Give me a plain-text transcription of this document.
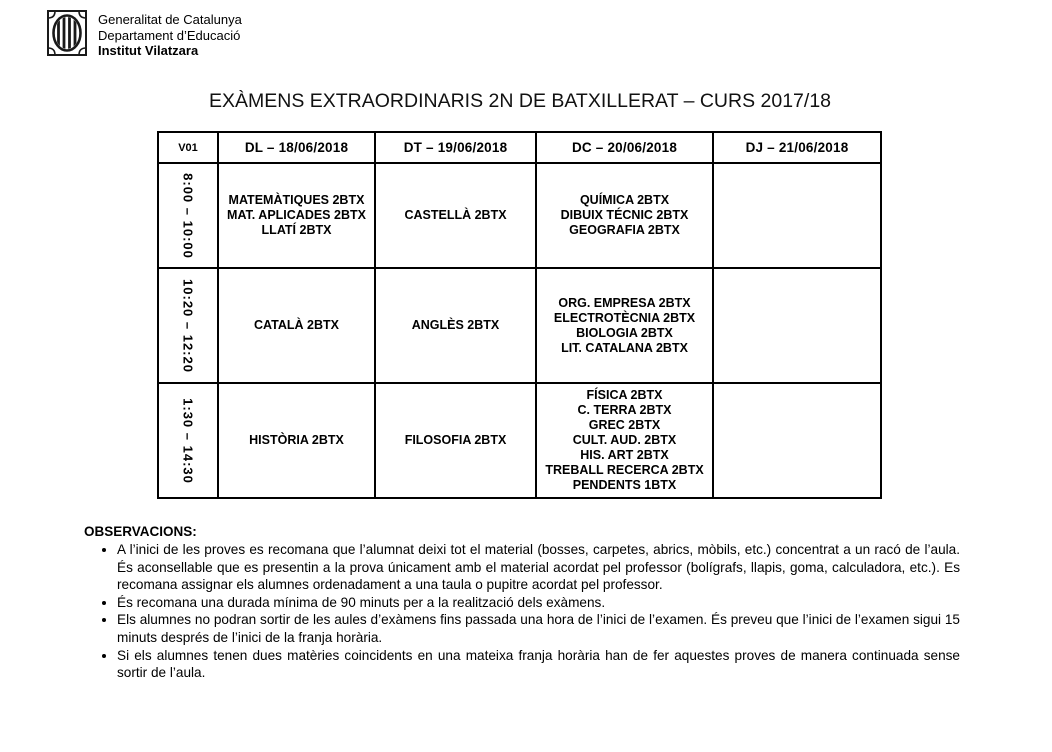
Generalitat de Catalunya
Departament d’Educació
Institut Vilatzara
EXÀMENS EXTRAORDINARIS 2N DE BATXILLERAT – CURS 2017/18
V01	DL – 18/06/2018	DT – 19/06/2018	DC – 20/06/2018	DJ – 21/06/2018

8:00 – 10:00	MATEMÀTIQUES 2BTX
MAT. APLICADES 2BTX
LLATÍ 2BTX	CASTELLÀ 2BTX	QUÍMICA 2BTX
DIBUIX TÉCNIC 2BTX
GEOGRAFIA 2BTX	

10:20 – 12:20	CATALÀ 2BTX	ANGLÈS 2BTX	ORG. EMPRESA 2BTX
ELECTROTÈCNIA 2BTX
BIOLOGIA 2BTX
LIT. CATALANA 2BTX	

1:30 – 14:30	HISTÒRIA 2BTX	FILOSOFIA 2BTX	FÍSICA 2BTX
C. TERRA 2BTX
GREC 2BTX
CULT. AUD. 2BTX
HIS. ART 2BTX
TREBALL RECERCA 2BTX
PENDENTS 1BTX	

OBSERVACIONS:

• A l’inici de les proves es recomana que l’alumnat deixi tot el material (bosses, carpetes, abrics, mòbils, etc.) concentrat a un racó de l’aula. És aconsellable que es presentin a la prova únicament amb el material acordat pel professor (bolígrafs, llapis, goma, calculadora, etc.). Es recomana assignar els alumnes ordenadament a una taula o pupitre acordat pel professor.
• És recomana una durada mínima de 90 minuts per a la realització dels exàmens.
• Els alumnes no podran sortir de les aules d’exàmens fins passada una hora de l’inici de l’examen. És preveu que l’inici de l’examen sigui 15 minuts després de l’inici de la franja horària.
• Si els alumnes tenen dues matèries coincidents en una mateixa franja horària han de fer aquestes proves de manera continuada sense sortir de l’aula.
